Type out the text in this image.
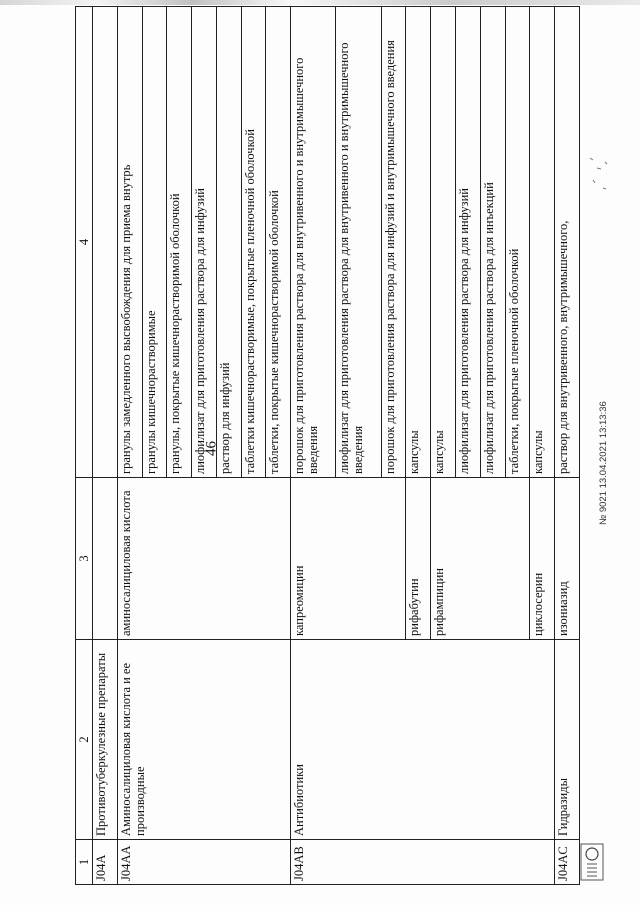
46
1	2	3	4
J04A	Противотуберкулезные препараты		
J04AA	Аминосалициловая кислота и ее производные	аминосалициловая кислота	гранулы замедленного высвобождения для приема внутрь
			гранулы кишечнорастворимые
			гранулы, покрытые кишечнорастворимой оболочкой
			лиофилизат для приготовления раствора для инфузий
			раствор для инфузий
			таблетки кишечнорастворимые, покрытые пленочной оболочкой
			таблетки, покрытые кишечнорастворимой оболочкой
J04AB	Антибиотики	капреомицин	порошок для приготовления раствора для внутривенного и внутримышечного введения
			лиофилизат для приготовления раствора для внутривенного и внутримышечного введения
			порошок для приготовления раствора для инфузий и внутримышечного введения
		рифабутин	капсулы
		рифампицин	капсулы
			лиофилизат для приготовления раствора для инфузий
			лиофилизат для приготовления раствора для инъекций
			таблетки, покрытые пленочной оболочкой
		циклосерин	капсулы
J04AC	Гидразиды	изониазид	раствор для внутривенного, внутримышечного,	№ 9021 13.04.2021 13:13:36
